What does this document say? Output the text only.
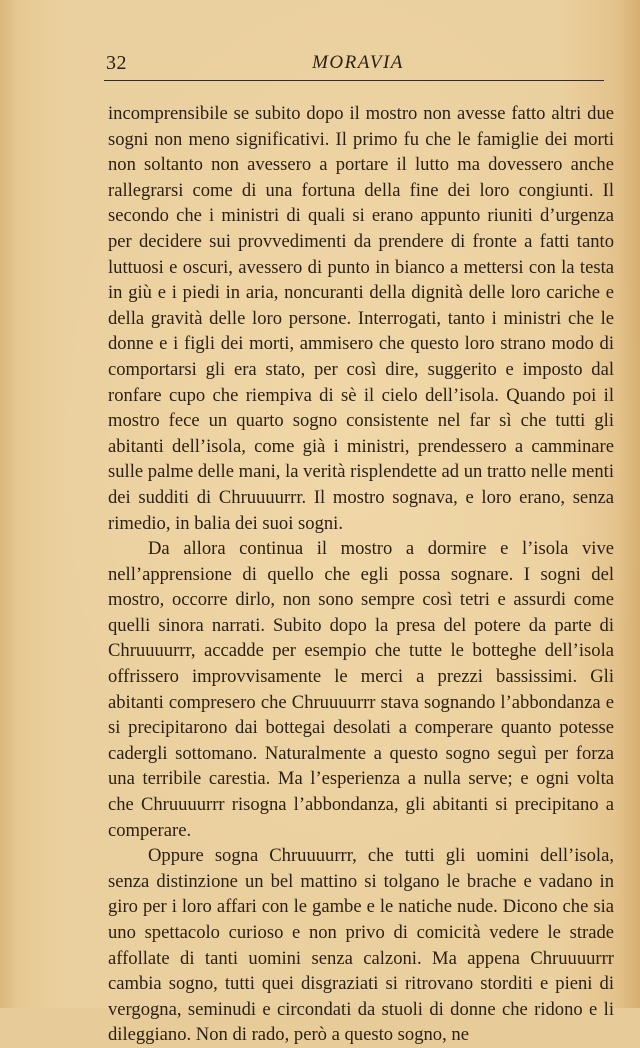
32	MORAVIA

incomprensibile se subito dopo il mostro non avesse fatto altri due sogni non meno significativi. Il primo fu che le famiglie dei morti non soltanto non avessero a portare il lutto ma dovessero anche rallegrarsi come di una fortuna della fine dei loro congiunti. Il secondo che i ministri di quali si erano appunto riuniti d’urgenza per decidere sui provvedimenti da prendere di fronte a fatti tanto luttuosi e oscuri, avessero di punto in bianco a mettersi con la testa in giù e i piedi in aria, noncuranti della dignità delle loro cariche e della gravità delle loro persone. Interrogati, tanto i ministri che le donne e i figli dei morti, ammisero che questo loro strano modo di comportarsi gli era stato, per così dire, suggerito e imposto dal ronfare cupo che riempiva di sè il cielo dell’isola. Quando poi il mostro fece un quarto sogno consistente nel far sì che tutti gli abitanti dell’isola, come già i ministri, prendessero a camminare sulle palme delle mani, la verità risplendette ad un tratto nelle menti dei sudditi di Chruuuurrr. Il mostro sognava, e loro erano, senza rimedio, in balia dei suoi sogni.

Da allora continua il mostro a dormire e l’isola vive nell’apprensione di quello che egli possa sognare. I sogni del mostro, occorre dirlo, non sono sempre così tetri e assurdi come quelli sinora narrati. Subito dopo la presa del potere da parte di Chruuuurrr, accadde per esempio che tutte le botteghe dell’isola offrissero improvvisamente le merci a prezzi bassissimi. Gli abitanti compresero che Chruuuurrr stava sognando l’abbondanza e si precipitarono dai bottegai desolati a comperare quanto potesse cadergli sottomano. Naturalmente a questo sogno seguì per forza una terribile carestia. Ma l’esperienza a nulla serve; e ogni volta che Chruuuurrr risogna l’abbondanza, gli abitanti si precipitano a comperare.

Oppure sogna Chruuuurrr, che tutti gli uomini dell’isola, senza distinzione un bel mattino si tolgano le brache e vadano in giro per i loro affari con le gambe e le natiche nude. Dicono che sia uno spettacolo curioso e non privo di comicità vedere le strade affollate di tanti uomini senza calzoni. Ma appena Chruuuurrr cambia sogno, tutti quei disgraziati si ritrovano storditi e pieni di vergogna, seminudi e circondati da stuoli di donne che ridono e li dileggiano. Non di rado, però a questo sogno, ne
